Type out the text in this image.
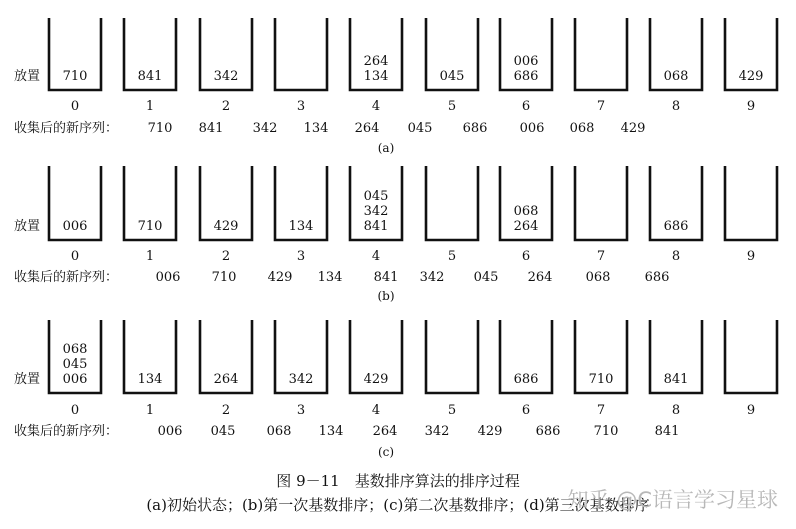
710
0
841
1
342
2	3
264
134
4
045
5
006
686
6	7
068
8
429
9
放置
收集后的新序列： 710 841 342 134 264 045 686 006 068 429
(a)
006
0
710
1
429
2
134
3
045
342
841
4	5
068
264
6	7
686
8	9
放置
收集后的新序列：	006 710 429 134 841 342 045 264	068	686
(b)
068
045
006
0
134
1
264
2
342
3
429
4	5
686
6
710
7
841
8	9
放置
收集后的新序列：	006 045 068 134 264 342 429	686	710	841
(c)
图 9－11　基数排序算法的排序过程
(a)初始状态；(b)第一次基数排序；(c)第二次基数排序；(d)第三次基数排序
知乎 @C语言学习星球
